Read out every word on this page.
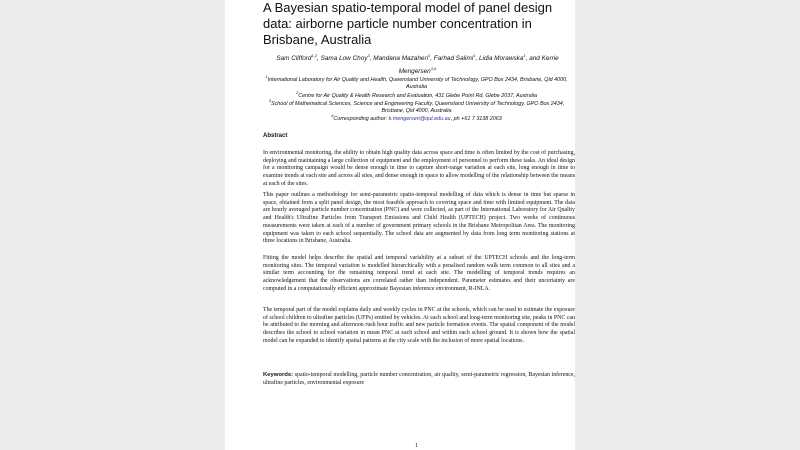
A Bayesian spatio-temporal model of panel design data: airborne particle number concentration in Brisbane, Australia
Sam Clifford$^{1,2}$, Sama Low Choy$^3$, Mandana Mazaheri$^1$, Farhad Salimi$^1$, Lidia Morawska$^1$, and Kerrie Mengersen$^{3,\#}$
$^1$International Laboratory for Air Quality and Health, Queensland University of Technology, GPO Box 2434, Brisbane, Qld 4000, Australia
$^2$Centre for Air Quality & Health Research and Evaluation, 431 Glebe Point Rd, Glebe 2037, Australia
$^3$School of Mathematical Sciences, Science and Engineering Faculty, Queensland University of Technology, GPO Box 2434, Brisbane, Qld 4000, Australia
#Corresponding author: k.mengersen@qut.edu.au, ph +61 7 3138 2063
Abstract

In environmental monitoring, the ability to obtain high quality data across space and time is often limited by the cost of purchasing, deploying and maintaining a large collection of equipment and the employment of personnel to perform these tasks. An ideal design for a monitoring campaign would be dense enough in time to capture short-range variation at each site, long enough in time to examine trends at each site and across all sites, and dense enough in space to allow modelling of the relationship between the means at each of the sites.

This paper outlines a methodology for semi-parametric spatio-temporal modelling of data which is dense in time but sparse in space, obtained from a split panel design, the most feasible approach to covering space and time with limited equipment. The data are hourly averaged particle number concentration (PNC) and were collected, as part of the International Laboratory for Air Quality and Health's Ultrafine Particles from Transport Emissions and Child Health (UPTECH) project. Two weeks of continuous measurements were taken at each of a number of government primary schools in the Brisbane Metropolitan Area. The monitoring equipment was taken to each school sequentially. The school data are augmented by data from long term monitoring stations at three locations in Brisbane, Australia.

Fitting the model helps describe the spatial and temporal variability at a subset of the UPTECH schools and the long-term monitoring sites. The temporal variation is modelled hierarchically with a penalised random walk term common to all sites and a similar term accounting for the remaining temporal trend at each site. The modelling of temporal trends requires an acknowledgement that the observations are correlated rather than independent. Parameter estimates and their uncertainty are computed in a computationally efficient approximate Bayesian inference environment, R-INLA.

The temporal part of the model explains daily and weekly cycles in PNC at the schools, which can be used to estimate the exposure of school children to ultrafine particles (UFPs) emitted by vehicles. At each school and long-term monitoring site, peaks in PNC can be attributed to the morning and afternoon rush hour traffic and new particle formation events. The spatial component of the model describes the school to school variation in mean PNC at each school and within each school ground. It is shown how the spatial model can be expanded to identify spatial patterns at the city scale with the inclusion of more spatial locations.

Keywords: spatio-temporal modelling, particle number concentration, air quality, semi-parametric regression, Bayesian inference, ultrafine particles, environmental exposure
1
